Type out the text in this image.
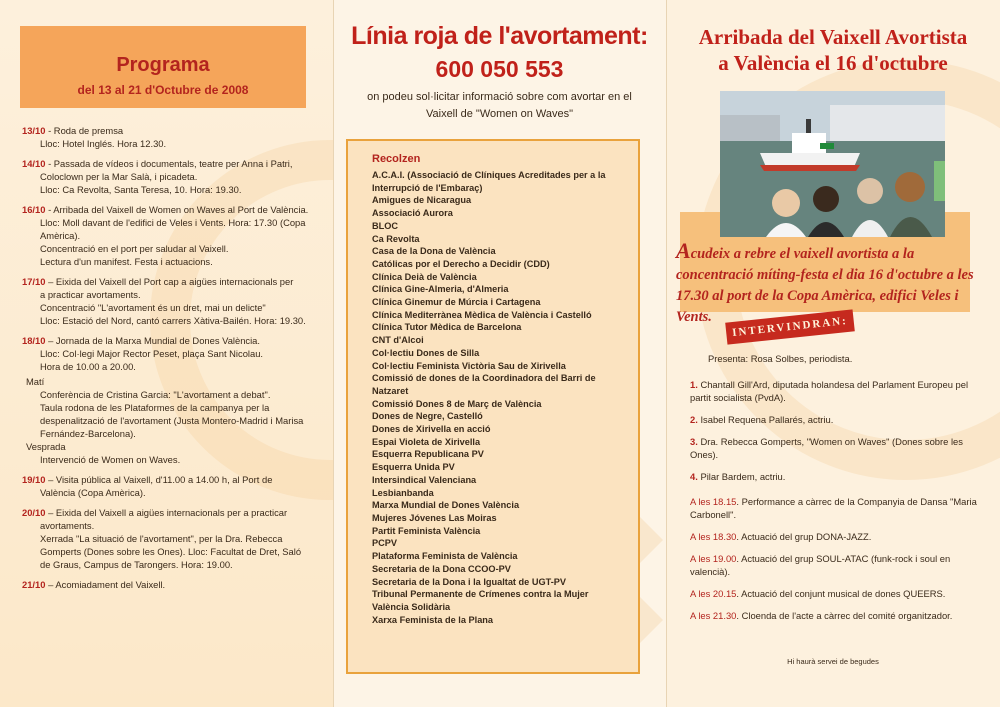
Programa
del 13 al 21 d'Octubre de 2008
13/10 - Roda de premsa
Lloc: Hotel Inglés. Hora 12.30.
14/10 - Passada de vídeos i documentals, teatre per Anna i Patri,
Coloclown per la Mar Salà, i picadeta.
Lloc: Ca Revolta, Santa Teresa, 10. Hora: 19.30.
16/10 - Arribada del Vaixell de Women on Waves al Port de València.
Lloc: Moll davant de l'edifici de Veles i Vents. Hora: 17.30 (Copa Amèrica).
Concentració en el port per saludar al Vaixell.
Lectura d'un manifest. Festa i actuacions.
17/10 – Eixida del Vaixell del Port cap a aigües internacionals per
a practicar avortaments.
Concentració "L'avortament és un dret, mai un delicte"
Lloc: Estació del Nord, cantó carrers Xàtiva-Bailén. Hora: 19.30.
18/10 – Jornada de la Marxa Mundial de Dones València.
Lloc: Col·legi Major Rector Peset, plaça Sant Nicolau.
Hora de 10.00 a 20.00.
Matí
Conferència de Cristina Garcia: "L'avortament a debat".
Taula rodona de les Plataformes de la campanya per la despenalització de l'avortament (Justa Montero-Madrid i Marisa Fernández-Barcelona).
Vesprada
Intervenció de Women on Waves.
19/10 – Visita pública al Vaixell, d'11.00 a 14.00 h, al Port de
València (Copa Amèrica).
20/10 – Eixida del Vaixell a aigües internacionals per a practicar
avortaments.
Xerrada "La situació de l'avortament", per la Dra. Rebecca Gomperts (Dones sobre les Ones). Lloc: Facultat de Dret, Saló de Graus, Campus de Tarongers. Hora: 19.00.
21/10 – Acomiadament del Vaixell.
Línia roja de l'avortament:
600 050 553
on podeu sol·licitar informació sobre com avortar en el Vaixell de "Women on Waves"
Recolzen
A.C.A.I. (Associació de Clíniques Acreditades per a la Interrupció de l'Embaraç)
Amigues de Nicaragua
Associació Aurora
BLOC
Ca Revolta
Casa de la Dona de València
Católicas por el Derecho a Decidir (CDD)
Clínica Deià de València
Clínica Gine-Almeria, d'Almeria
Clínica Ginemur de Múrcia i Cartagena
Clínica Mediterrànea Mèdica de València i Castelló
Clínica Tutor Mèdica de Barcelona
CNT d'Alcoi
Col·lectiu Dones de Silla
Col·lectiu Feminista Victòria Sau de Xirivella
Comissió de dones de la Coordinadora del Barri de Natzaret
Comissió Dones 8 de Març de València
Dones de Negre, Castelló
Dones de Xirivella en acció
Espai Violeta de Xirivella
Esquerra Republicana PV
Esquerra Unida PV
Intersindical Valenciana
Lesbianbanda
Marxa Mundial de Dones València
Mujeres Jóvenes Las Moiras
Partit Feminista València
PCPV
Plataforma Feminista de València
Secretaria de la Dona CCOO-PV
Secretaria de la Dona i la Igualtat de UGT-PV
Tribunal Permanente de Crímenes contra la Mujer
València Solidària
Xarxa Feminista de la Plana
Arribada del Vaixell Avortista
a València el 16 d'octubre
Acudeix a rebre el vaixell avortista a la concentració míting-festa el dia 16 d'octubre a les 17.30 al port de la Copa Amèrica, edifici Veles i Vents.	INTERVINDRAN:
Presenta: Rosa Solbes, periodista.
1. Chantall Gill'Ard, diputada holandesa del Parlament Europeu pel partit socialista (PvdA).
2. Isabel Requena Pallarés, actriu.
3. Dra. Rebecca Gomperts, "Women on Waves" (Dones sobre les Ones).
4. Pilar Bardem, actriu.
A les 18.15. Performance a càrrec de la Companyia de Dansa "Maria Carbonell".
A les 18.30. Actuació del grup DONA-JAZZ.
A les 19.00. Actuació del grup SOUL-ATAC (funk-rock i soul en valencià).
A les 20.15. Actuació del conjunt musical de dones QUEERS.
A les 21.30. Cloenda de l'acte a càrrec del comité organitzador.
Hi haurà servei de begudes
